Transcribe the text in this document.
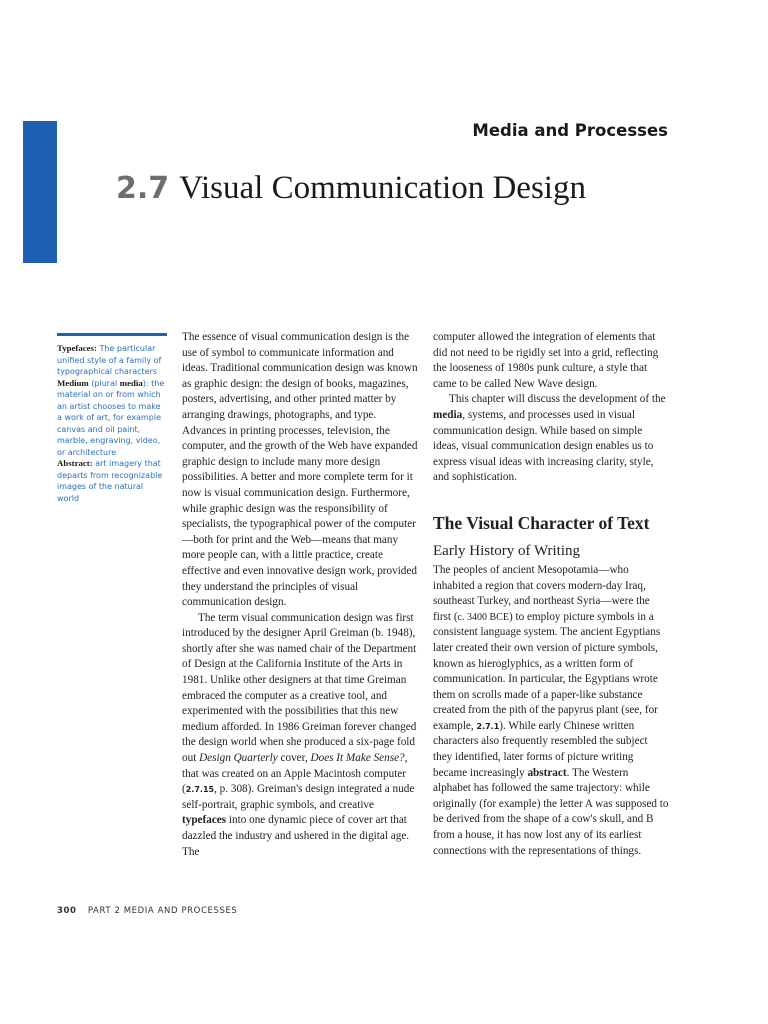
Media and Processes
2.7 Visual Communication Design

Typefaces: The particular unified style of a family of typographical characters

Medium (plural media): the material on or from which an artist chooses to make a work of art, for example canvas and oil paint, marble, engraving, video, or architecture

Abstract: art imagery that departs from recognizable images of the natural world

The essence of visual communication design is the use of symbol to communicate information and ideas. Traditional communication design was known as graphic design: the design of books, magazines, posters, advertising, and other printed matter by arranging drawings, photographs, and type. Advances in printing processes, television, the computer, and the growth of the Web have expanded graphic design to include many more design possibilities. A better and more complete term for it now is visual communication design. Furthermore, while graphic design was the responsibility of specialists, the typographical power of the computer—both for print and the Web—means that many more people can, with a little practice, create effective and even innovative design work, provided they understand the principles of visual communication design.

The term visual communication design was first introduced by the designer April Greiman (b. 1948), shortly after she was named chair of the Department of Design at the California Institute of the Arts in 1981. Unlike other designers at that time Greiman embraced the computer as a creative tool, and experimented with the possibilities that this new medium afforded. In 1986 Greiman forever changed the design world when she produced a six-page fold out Design Quarterly cover, Does It Make Sense?, that was created on an Apple Macintosh computer (2.7.15, p. 308). Greiman's design integrated a nude self-portrait, graphic symbols, and creative typefaces into one dynamic piece of cover art that dazzled the industry and ushered in the digital age. The

computer allowed the integration of elements that did not need to be rigidly set into a grid, reflecting the looseness of 1980s punk culture, a style that came to be called New Wave design.

This chapter will discuss the development of the media, systems, and processes used in visual communication design. While based on simple ideas, visual communication design enables us to express visual ideas with increasing clarity, style, and sophistication.

The Visual Character of Text
Early History of Writing

The peoples of ancient Mesopotamia—who inhabited a region that covers modern-day Iraq, southeast Turkey, and northeast Syria—were the first (c. 3400 BCE) to employ picture symbols in a consistent language system. The ancient Egyptians later created their own version of picture symbols, known as hieroglyphics, as a written form of communication. In particular, the Egyptians wrote them on scrolls made of a paper-like substance created from the pith of the papyrus plant (see, for example, 2.7.1). While early Chinese written characters also frequently resembled the subject they identified, later forms of picture writing became increasingly abstract. The Western alphabet has followed the same trajectory: while originally (for example) the letter A was supposed to be derived from the shape of a cow's skull, and B from a house, it has now lost any of its earliest connections with the representations of things.

300 PART 2 MEDIA AND PROCESSES
